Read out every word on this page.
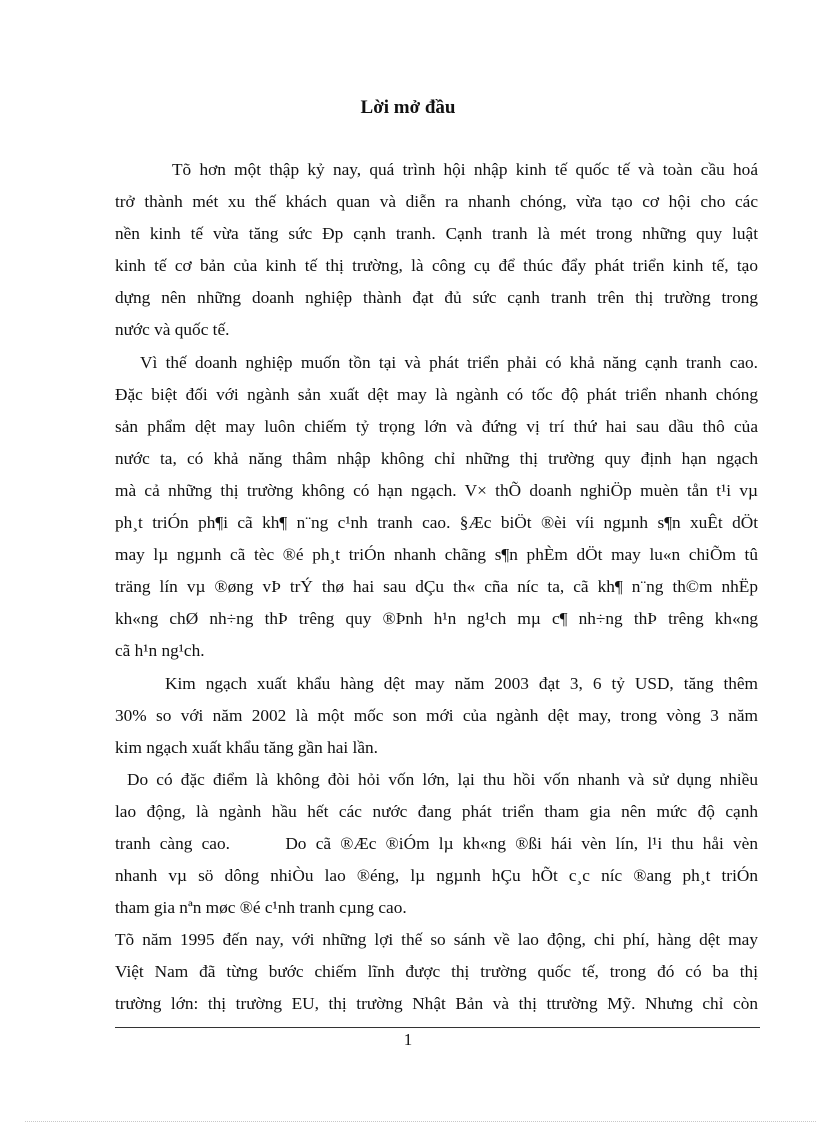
Lời mở đầu
Tõ hơn một thập kỷ nay, quá trình hội nhập kinh tế quốc tế và toàn cầu hoá
trở thành mét xu thế khách quan và diễn ra nhanh chóng, vừa tạo cơ hội cho các
nền kinh tế vừa tăng sức Ðp cạnh tranh. Cạnh tranh là mét trong những quy luật
kinh tế cơ bản của kinh tế thị trường, là công cụ để thúc đẩy phát triển kinh tế, tạo
dựng nên những doanh nghiệp thành đạt đủ sức cạnh tranh trên thị trường trong
nước và quốc tế.
Vì thế doanh nghiệp muốn tồn tại và phát triển phải có khả năng cạnh tranh cao.
Đặc biệt đối với ngành sản xuất dệt may là ngành có tốc độ phát triển nhanh chóng
sản phẩm dệt may luôn chiếm tỷ trọng lớn và đứng vị trí thứ hai sau dầu thô của
nước ta, có khả năng thâm nhập không chỉ những thị trường quy định hạn ngạch
mà cả những thị trường không có hạn ngạch. V× thÕ doanh nghiÖp muèn tån t¹i vµ
ph¸t triÓn ph¶i cã kh¶ n¨ng c¹nh tranh cao. §Æc biÖt ®èi víi ngµnh s¶n xuÊt dÖt
may lµ ngµnh cã tèc ®é ph¸t triÓn nhanh chãng s¶n phÈm dÖt may lu«n chiÕm tû
träng lín vµ ®øng vÞ trÝ thø hai sau dÇu th« cña níc ta, cã kh¶ n¨ng th©m nhËp
kh«ng chØ nh÷ng thÞ trêng quy ®Þnh h¹n ng¹ch mµ c¶ nh÷ng thÞ trêng kh«ng
cã h¹n ng¹ch.
Kim ngạch xuất khẩu hàng dệt may năm 2003 đạt 3, 6 tỷ USD, tăng thêm
30% so với năm 2002 là một mốc son mới của ngành dệt may, trong vòng 3 năm
kim ngạch xuất khẩu tăng gần hai lần.
Do có đặc điểm là không đòi hỏi vốn lớn, lại thu hồi vốn nhanh và sử dụng nhiều
lao động, là ngành hầu hết các nước đang phát triển tham gia nên mức độ cạnh
tranh càng cao.      Do cã ®Æc ®iÓm lµ kh«ng ®ßi hái vèn lín, l¹i thu håi vèn
nhanh vµ sö dông nhiÒu lao ®éng, lµ ngµnh hÇu hÕt c¸c níc ®ang ph¸t triÓn
tham gia nªn møc ®é c¹nh tranh cµng cao.
Tõ năm 1995 đến nay, với những lợi thế so sánh về lao động, chi phí, hàng dệt may
Việt Nam đã từng bước chiếm lĩnh được thị trường quốc tế, trong đó có ba thị
trường lớn: thị trường EU, thị trường Nhật Bản và thị ttrường Mỹ. Nhưng chỉ còn
1
